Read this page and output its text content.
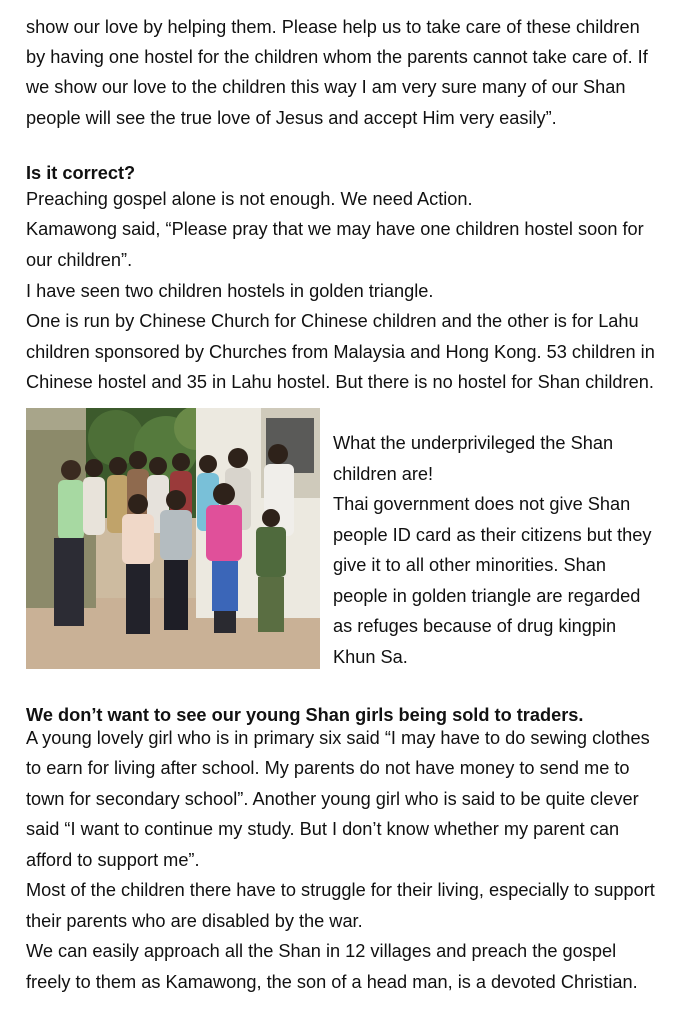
show our love by helping them. Please help us to take care of these children
by having one hostel for the children whom the parents cannot take care of. If
we show our love to the children this way I am very sure many of our Shan
people will see the true love of Jesus and accept Him very easily”.
Is it correct?
Preaching gospel alone is not enough. We need Action.
Kamawong said, “Please pray that we may have one children hostel soon for
our children”.
I have seen two children hostels in golden triangle.
One is run by Chinese Church for Chinese children and the other is for Lahu
children sponsored by Churches from Malaysia and Hong Kong. 53 children in
Chinese hostel and 35 in Lahu hostel. But there is no hostel for Shan children.
What the underprivileged the Shan
children are!
Thai government does not give Shan
people ID card as their citizens but they
give it to all other minorities. Shan
people in golden triangle are regarded
as refuges because of drug kingpin
Khun Sa.
We don’t want to see our young Shan girls being sold to traders.
A young lovely girl who is in primary six said “I may have to do sewing clothes
to earn for living after school. My parents do not have money to send me to
town for secondary school”. Another young girl who is said to be quite clever
said “I want to continue my study. But I don’t know whether my parent can
afford to support me”.
Most of the children there have to struggle for their living, especially to support
their parents who are disabled by the war.
We can easily approach all the Shan in 12 villages and preach the gospel
freely to them as Kamawong, the son of a head man, is a devoted Christian.
